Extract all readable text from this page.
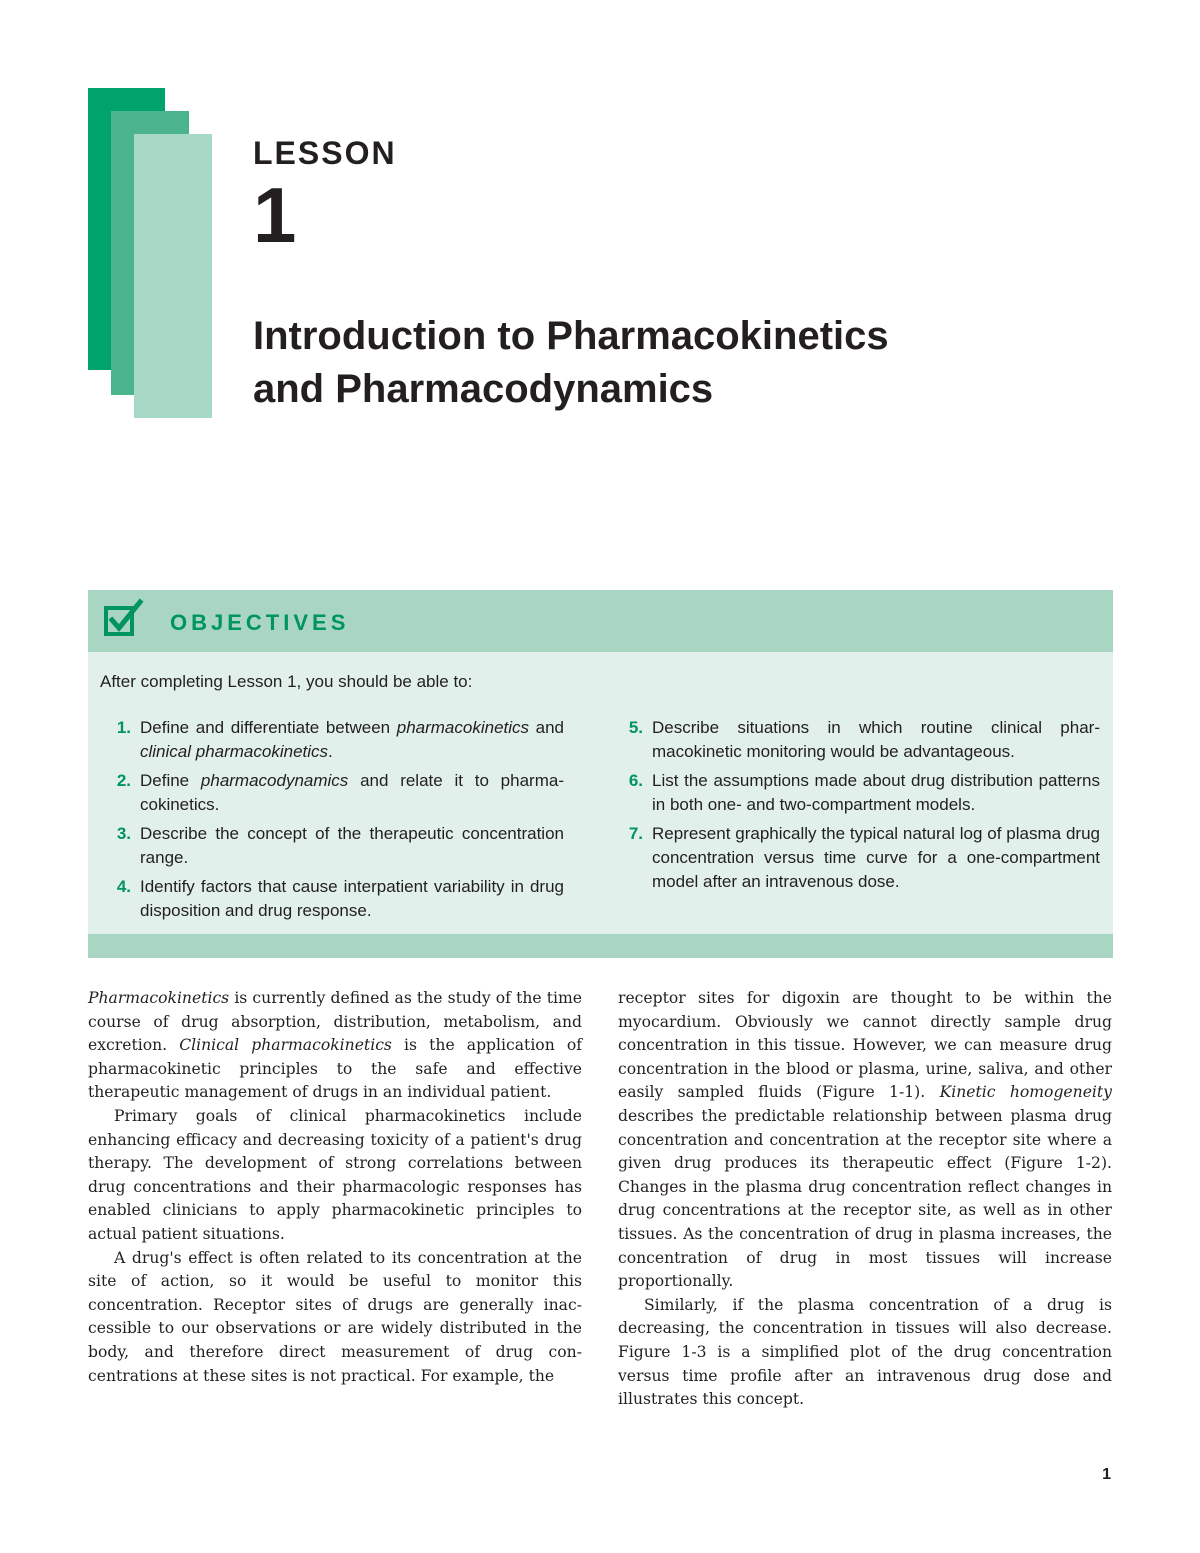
LESSON
1
Introduction to Pharmacokinetics
and Pharmacodynamics
OBJECTIVES

After completing Lesson 1, you should be able to:

1. Define and differentiate between pharmacokinetics and clinical pharmacokinetics.
2. Define pharmacodynamics and relate it to pharmacokinetics.
3. Describe the concept of the therapeutic concentration range.
4. Identify factors that cause interpatient variability in drug disposition and drug response.
5. Describe situations in which routine clinical pharmacokinetic monitoring would be advantageous.
6. List the assumptions made about drug distribution patterns in both one- and two-compartment models.
7. Represent graphically the typical natural log of plasma drug concentration versus time curve for a one-compartment model after an intravenous dose.

Pharmacokinetics is currently defined as the study of the time course of drug absorption, distribution, metabolism, and excretion. Clinical pharmacokinetics is the application of pharmacokinetic principles to the safe and effective therapeutic management of drugs in an individual patient.

Primary goals of clinical pharmacokinetics include enhancing efficacy and decreasing toxicity of a patient's drug therapy. The development of strong correlations between drug concentrations and their pharmacologic responses has enabled clinicians to apply pharmacokinetic principles to actual patient situations.

A drug's effect is often related to its concentration at the site of action, so it would be useful to monitor this concentration. Receptor sites of drugs are generally inaccessible to our observations or are widely distributed in the body, and therefore direct measurement of drug concentrations at these sites is not practical. For example, the

receptor sites for digoxin are thought to be within the myocardium. Obviously we cannot directly sample drug concentration in this tissue. However, we can measure drug concentration in the blood or plasma, urine, saliva, and other easily sampled fluids (Figure 1-1). Kinetic homogeneity describes the predictable relationship between plasma drug concentration and concentration at the receptor site where a given drug produces its therapeutic effect (Figure 1-2). Changes in the plasma drug concentration reflect changes in drug concentrations at the receptor site, as well as in other tissues. As the concentration of drug in plasma increases, the concentration of drug in most tissues will increase proportionally.

Similarly, if the plasma concentration of a drug is decreasing, the concentration in tissues will also decrease. Figure 1-3 is a simplified plot of the drug concentration versus time profile after an intravenous drug dose and illustrates this concept.

1
